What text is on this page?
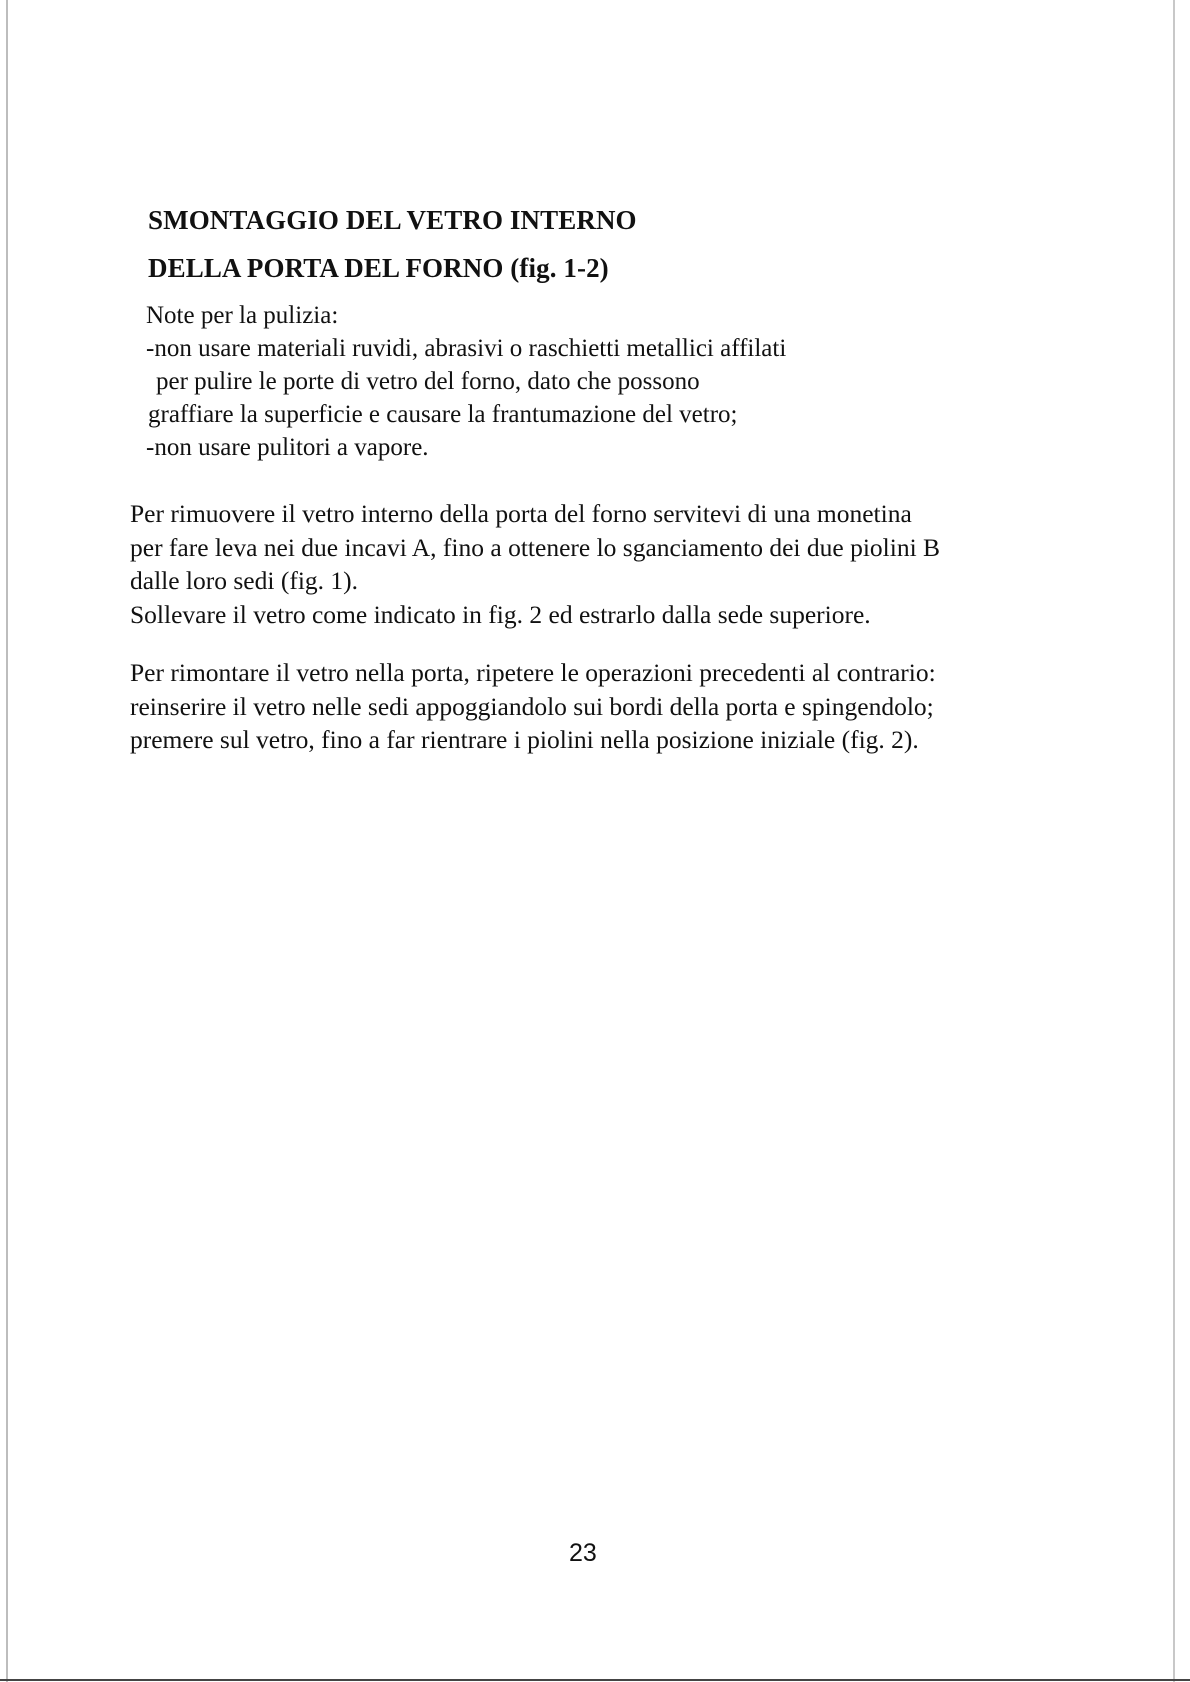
SMONTAGGIO DEL VETRO INTERNO
DELLA PORTA DEL FORNO (fig. 1-2)
Note per la pulizia:
-non usare materiali ruvidi, abrasivi o raschietti metallici affilati
per pulire le porte di vetro del forno, dato che possono
graffiare la superficie e causare la frantumazione del vetro;
-non usare pulitori a vapore.
Per rimuovere il vetro interno della porta del forno servitevi di una monetina
per fare leva nei due incavi A, fino a ottenere lo sganciamento dei due piolini B
dalle loro sedi (fig. 1).
Sollevare il vetro come indicato in fig. 2 ed estrarlo dalla sede superiore.
Per rimontare il vetro nella porta, ripetere le operazioni precedenti al contrario:
reinserire il vetro nelle sedi appoggiandolo sui bordi della porta e spingendolo;
premere sul vetro, fino a far rientrare i piolini nella posizione iniziale (fig. 2).
23
